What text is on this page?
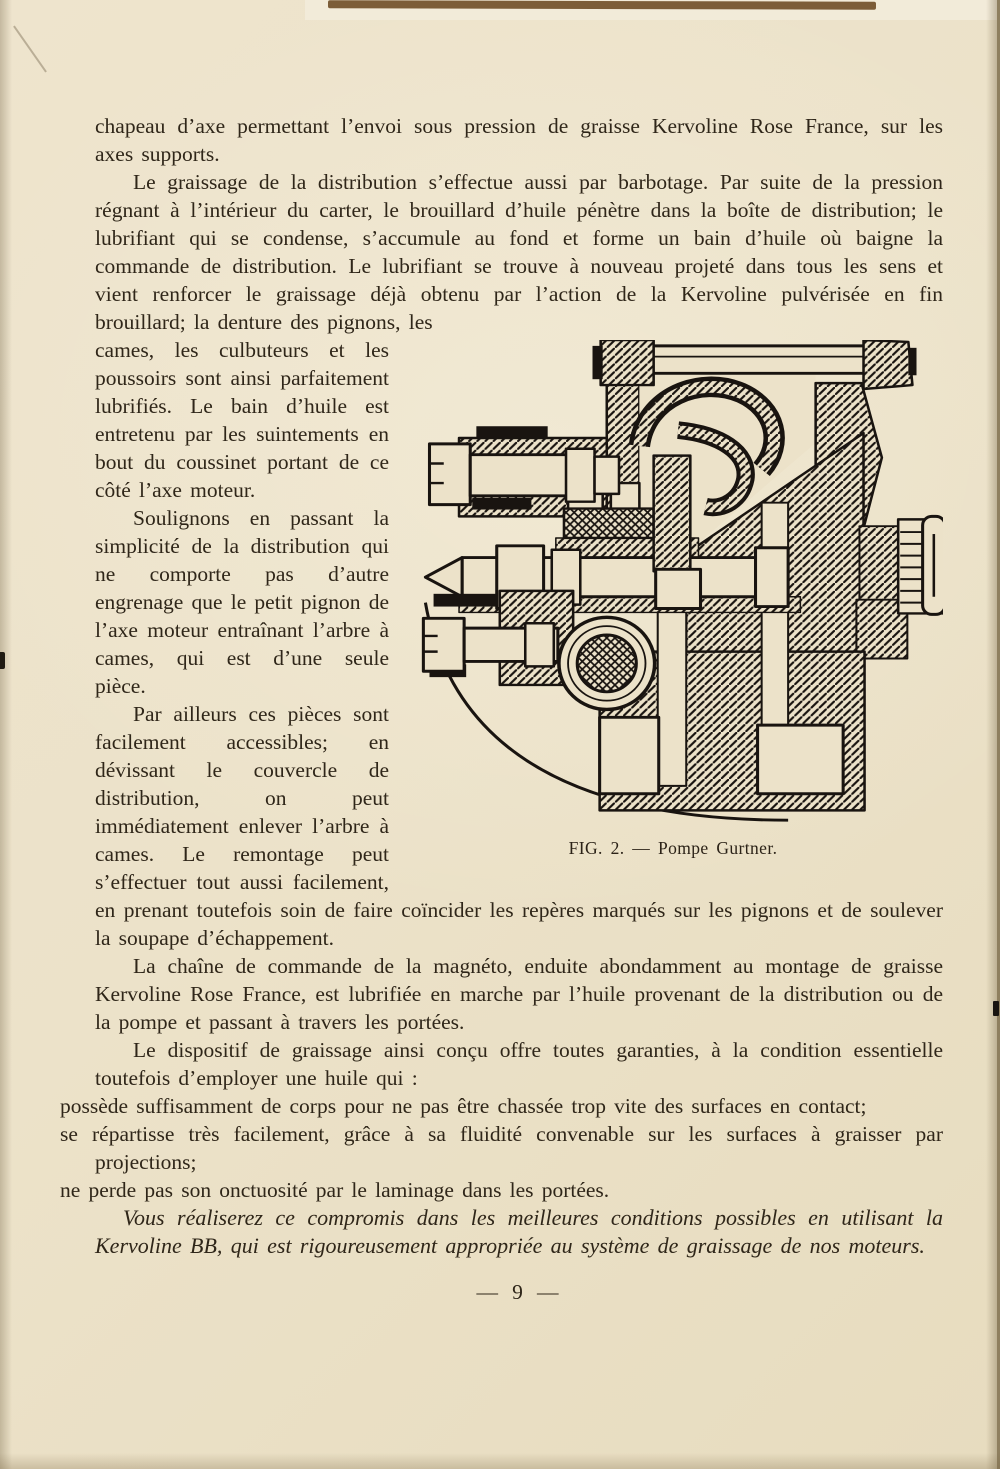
chapeau d’axe permettant l’envoi sous pression de graisse Kervoline Rose France, sur les axes supports.

Le graissage de la distribution s’effectue aussi par barbotage. Par suite de la pression régnant à l’intérieur du carter, le brouillard d’huile pénètre dans la boîte de distribution; le lubrifiant qui se condense, s’accumule au fond et forme un bain d’huile où baigne la commande de distribution. Le lubrifiant se trouve à nouveau projeté dans tous les sens et vient renforcer le graissage déjà obtenu par l’action de la Kervoline pulvérisée en fin brouillard; la denture des pignons, les

FIG. 2. — Pompe Gurtner.

cames, les culbuteurs et les poussoirs sont ainsi parfaitement lubrifiés. Le bain d’huile est entretenu par les suintements en bout du coussinet portant de ce côté l’axe moteur.

Soulignons en passant la simplicité de la distribution qui ne comporte pas d’autre engrenage que le petit pignon de l’axe moteur entraînant l’arbre à cames, qui est d’une seule pièce.

Par ailleurs ces pièces sont facilement accessibles; en dévissant le couvercle de distribution, on peut immédiatement enlever l’arbre à cames. Le remontage peut s’effectuer tout aussi facilement, en prenant toutefois soin de faire coïncider les repères marqués sur les pignons et de soulever la soupape d’échappement.

La chaîne de commande de la magnéto, enduite abondamment au montage de graisse Kervoline Rose France, est lubrifiée en marche par l’huile provenant de la distribution ou de la pompe et passant à travers les portées.

Le dispositif de graissage ainsi conçu offre toutes garanties, à la condition essentielle toutefois d’employer une huile qui :

possède suffisamment de corps pour ne pas être chassée trop vite des surfaces en contact;

se répartisse très facilement, grâce à sa fluidité convenable sur les surfaces à graisser par projections;

ne perde pas son onctuosité par le laminage dans les portées.

Vous réaliserez ce compromis dans les meilleures conditions possibles en utilisant la Kervoline BB, qui est rigoureusement appropriée au système de graissage de nos moteurs.

— 9 —
